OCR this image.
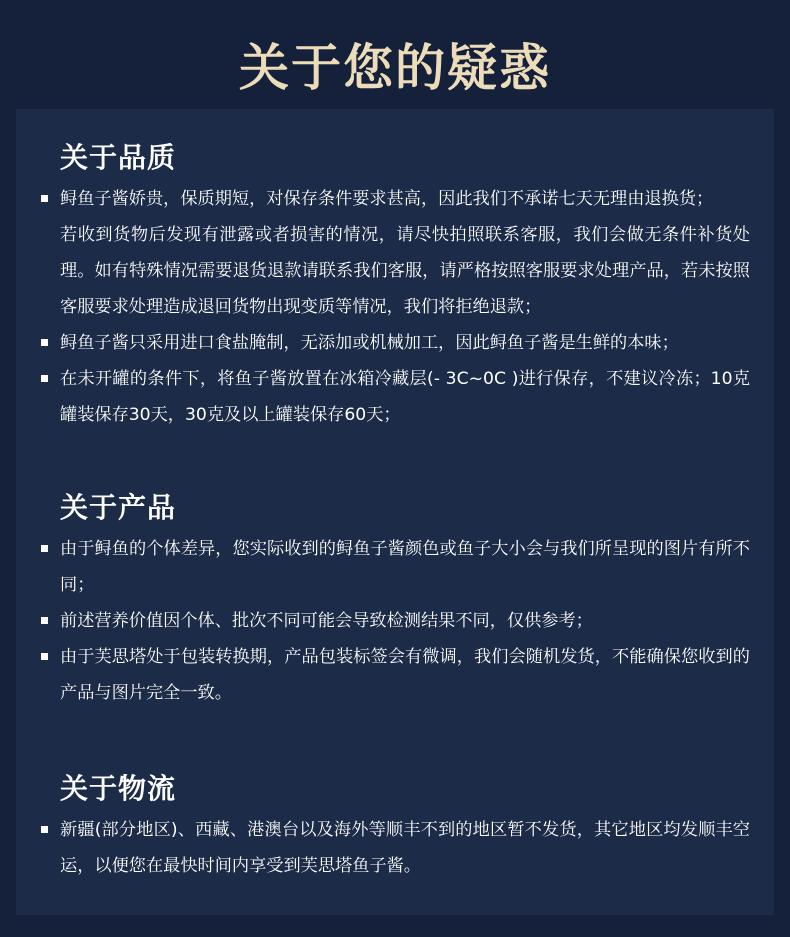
关于您的疑惑
关于品质
鲟鱼子酱娇贵，保质期短，对保存条件要求甚高，因此我们不承诺七天无理由退换货；
若收到货物后发现有泄露或者损害的情况，请尽快拍照联系客服，我们会做无条件补货处理。如有特殊情况需要退货退款请联系我们客服，请严格按照客服要求处理产品，若未按照客服要求处理造成退回货物出现变质等情况，我们将拒绝退款；
鲟鱼子酱只采用进口食盐腌制，无添加或机械加工，因此鲟鱼子酱是生鲜的本味；
在未开罐的条件下，将鱼子酱放置在冰箱冷藏层(- 3C~0C )进行保存，不建议冷冻；10克罐装保存30天，30克及以上罐装保存60天；
关于产品
由于鲟鱼的个体差异，您实际收到的鲟鱼子酱颜色或鱼子大小会与我们所呈现的图片有所不同；
前述营养价值因个体、批次不同可能会导致检测结果不同，仅供参考；
由于芙思塔处于包装转换期，产品包装标签会有微调，我们会随机发货，不能确保您收到的产品与图片完全一致。
关于物流
新疆(部分地区)、西藏、港澳台以及海外等顺丰不到的地区暂不发货，其它地区均发顺丰空运，以便您在最快时间内享受到芙思塔鱼子酱。
